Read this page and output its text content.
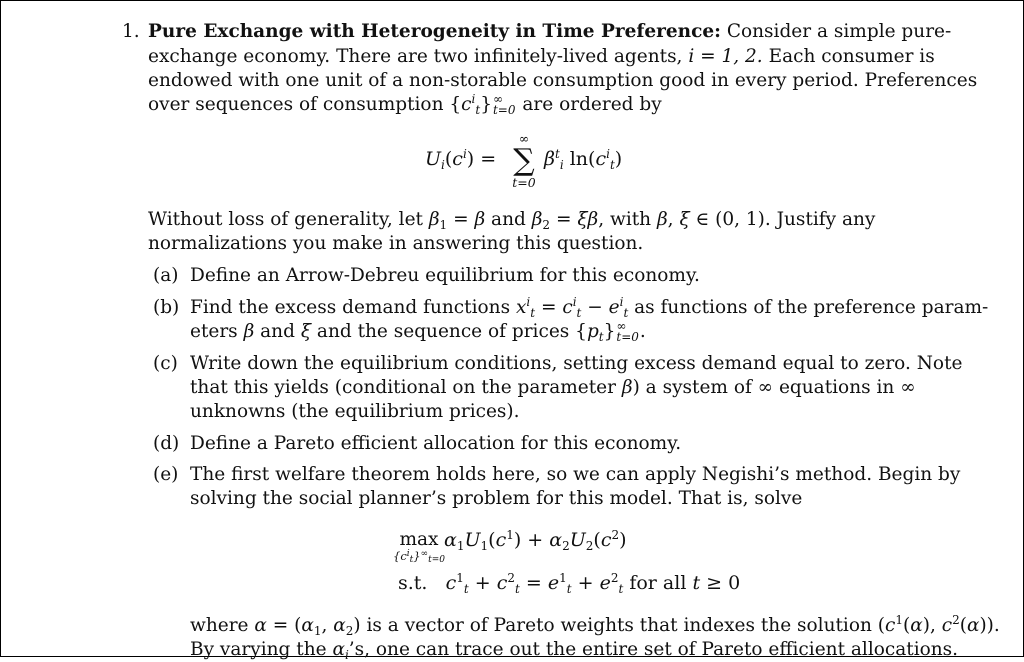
1. Pure Exchange with Heterogeneity in Time Preference: Consider a simple pure-
exchange economy. There are two infinitely-lived agents, i = 1, 2. Each consumer is
endowed with one unit of a non-storable consumption good in every period. Preferences
over sequences of consumption $\{c^i_t\}$ ∞
t=0 are ordered by
$U_i(c^i)$ =
∞
∑
t=0
$\beta^t_i$ $\ln(c^i_t)$
Without loss of generality, let $\beta_1 = \beta$ and $\beta_2 = \xi\beta$, with β, ξ ∈ (0, 1). Justify any
normalizations you make in answering this question.
(a) Define an Arrow-Debreu equilibrium for this economy.
(b) Find the excess demand functions $x^i_t = c^i_t - e^i_t$ as functions of the preference param-
eters β and ξ and the sequence of prices $\{p_t\}$ ∞
t=0 .
(c) Write down the equilibrium conditions, setting excess demand equal to zero. Note
that this yields (conditional on the parameter β) a system of ∞ equations in ∞
unknowns (the equilibrium prices).
(d) Define a Pareto efficient allocation for this economy.
(e) The first welfare theorem holds here, so we can apply Negishi’s method. Begin by
solving the social planner’s problem for this model. That is, solve
max
$\{c^i_t\}^\infty_{t=0}$
$\alpha_1U_1(c^1) + \alpha_2U_2(c^2)$
s.t. $c^1_t + c^2_t = e^1_t + e^2_t$ for all t ≥ 0
where $\alpha = (\alpha_1$, $\alpha_2$) is a vector of Pareto weights that indexes the solution ($c^1(\alpha)$, $c^2(\alpha)$).
By varying the $\alpha_i’s$, one can trace out the entire set of Pareto efficient allocations.
